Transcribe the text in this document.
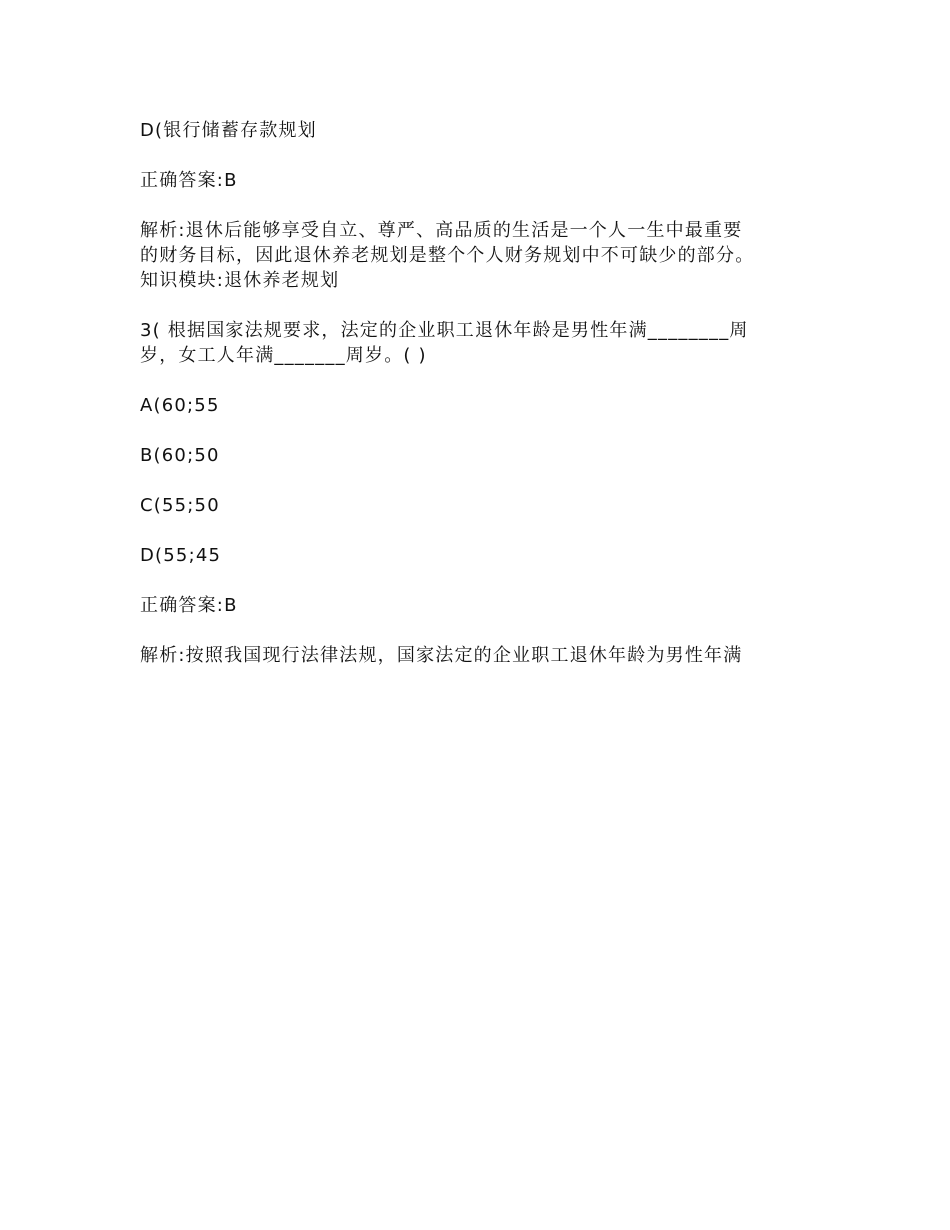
D(银行储蓄存款规划

正确答案:B

解析:退休后能够享受自立、尊严、高品质的生活是一个人一生中最重要

的财务目标，因此退休养老规划是整个个人财务规划中不可缺少的部分。

知识模块:退休养老规划

3( 根据国家法规要求，法定的企业职工退休年龄是男性年满________周

岁，女工人年满_______周岁。( )

A(60;55

B(60;50

C(55;50

D(55;45

正确答案:B

解析:按照我国现行法律法规，国家法定的企业职工退休年龄为男性年满
